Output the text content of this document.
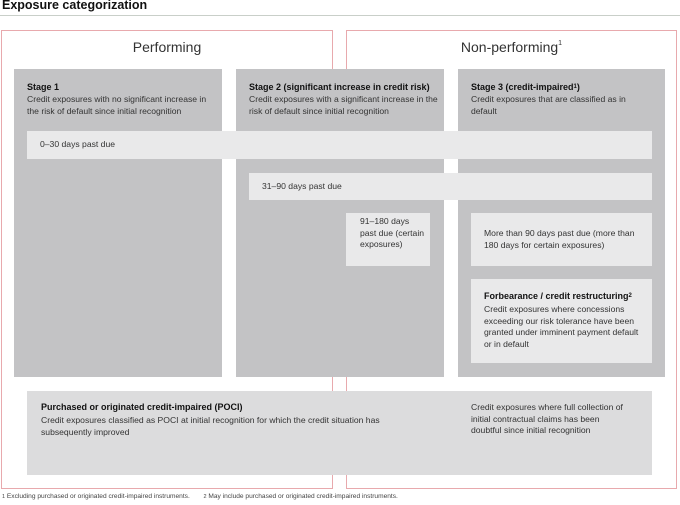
Exposure categorization
Performing	Non-performing$^1$
Stage 1
Credit exposures with no significant increase in the risk of default since initial recognition
Stage 2 (significant increase in credit risk)
Credit exposures with a significant increase in the risk of default since initial recognition
Stage 3 (credit-impaired$^1$)
Credit exposures that are classified as in default
0–30 days past due
31–90 days past due
91–180 days past due (certain exposures)
More than 90 days past due (more than 180 days for certain exposures)
Forbearance / credit restructuring$^2$
Credit exposures where concessions exceeding our risk tolerance have been granted under imminent payment default or in default
Purchased or originated credit-impaired (POCI)
Credit exposures classified as POCI at initial recognition for which the credit situation has subsequently improved
Credit exposures where full collection of initial contractual claims has been doubtful since initial recognition
1 Excluding purchased or originated credit-impaired instruments. 2 May include purchased or originated credit-impaired instruments.
